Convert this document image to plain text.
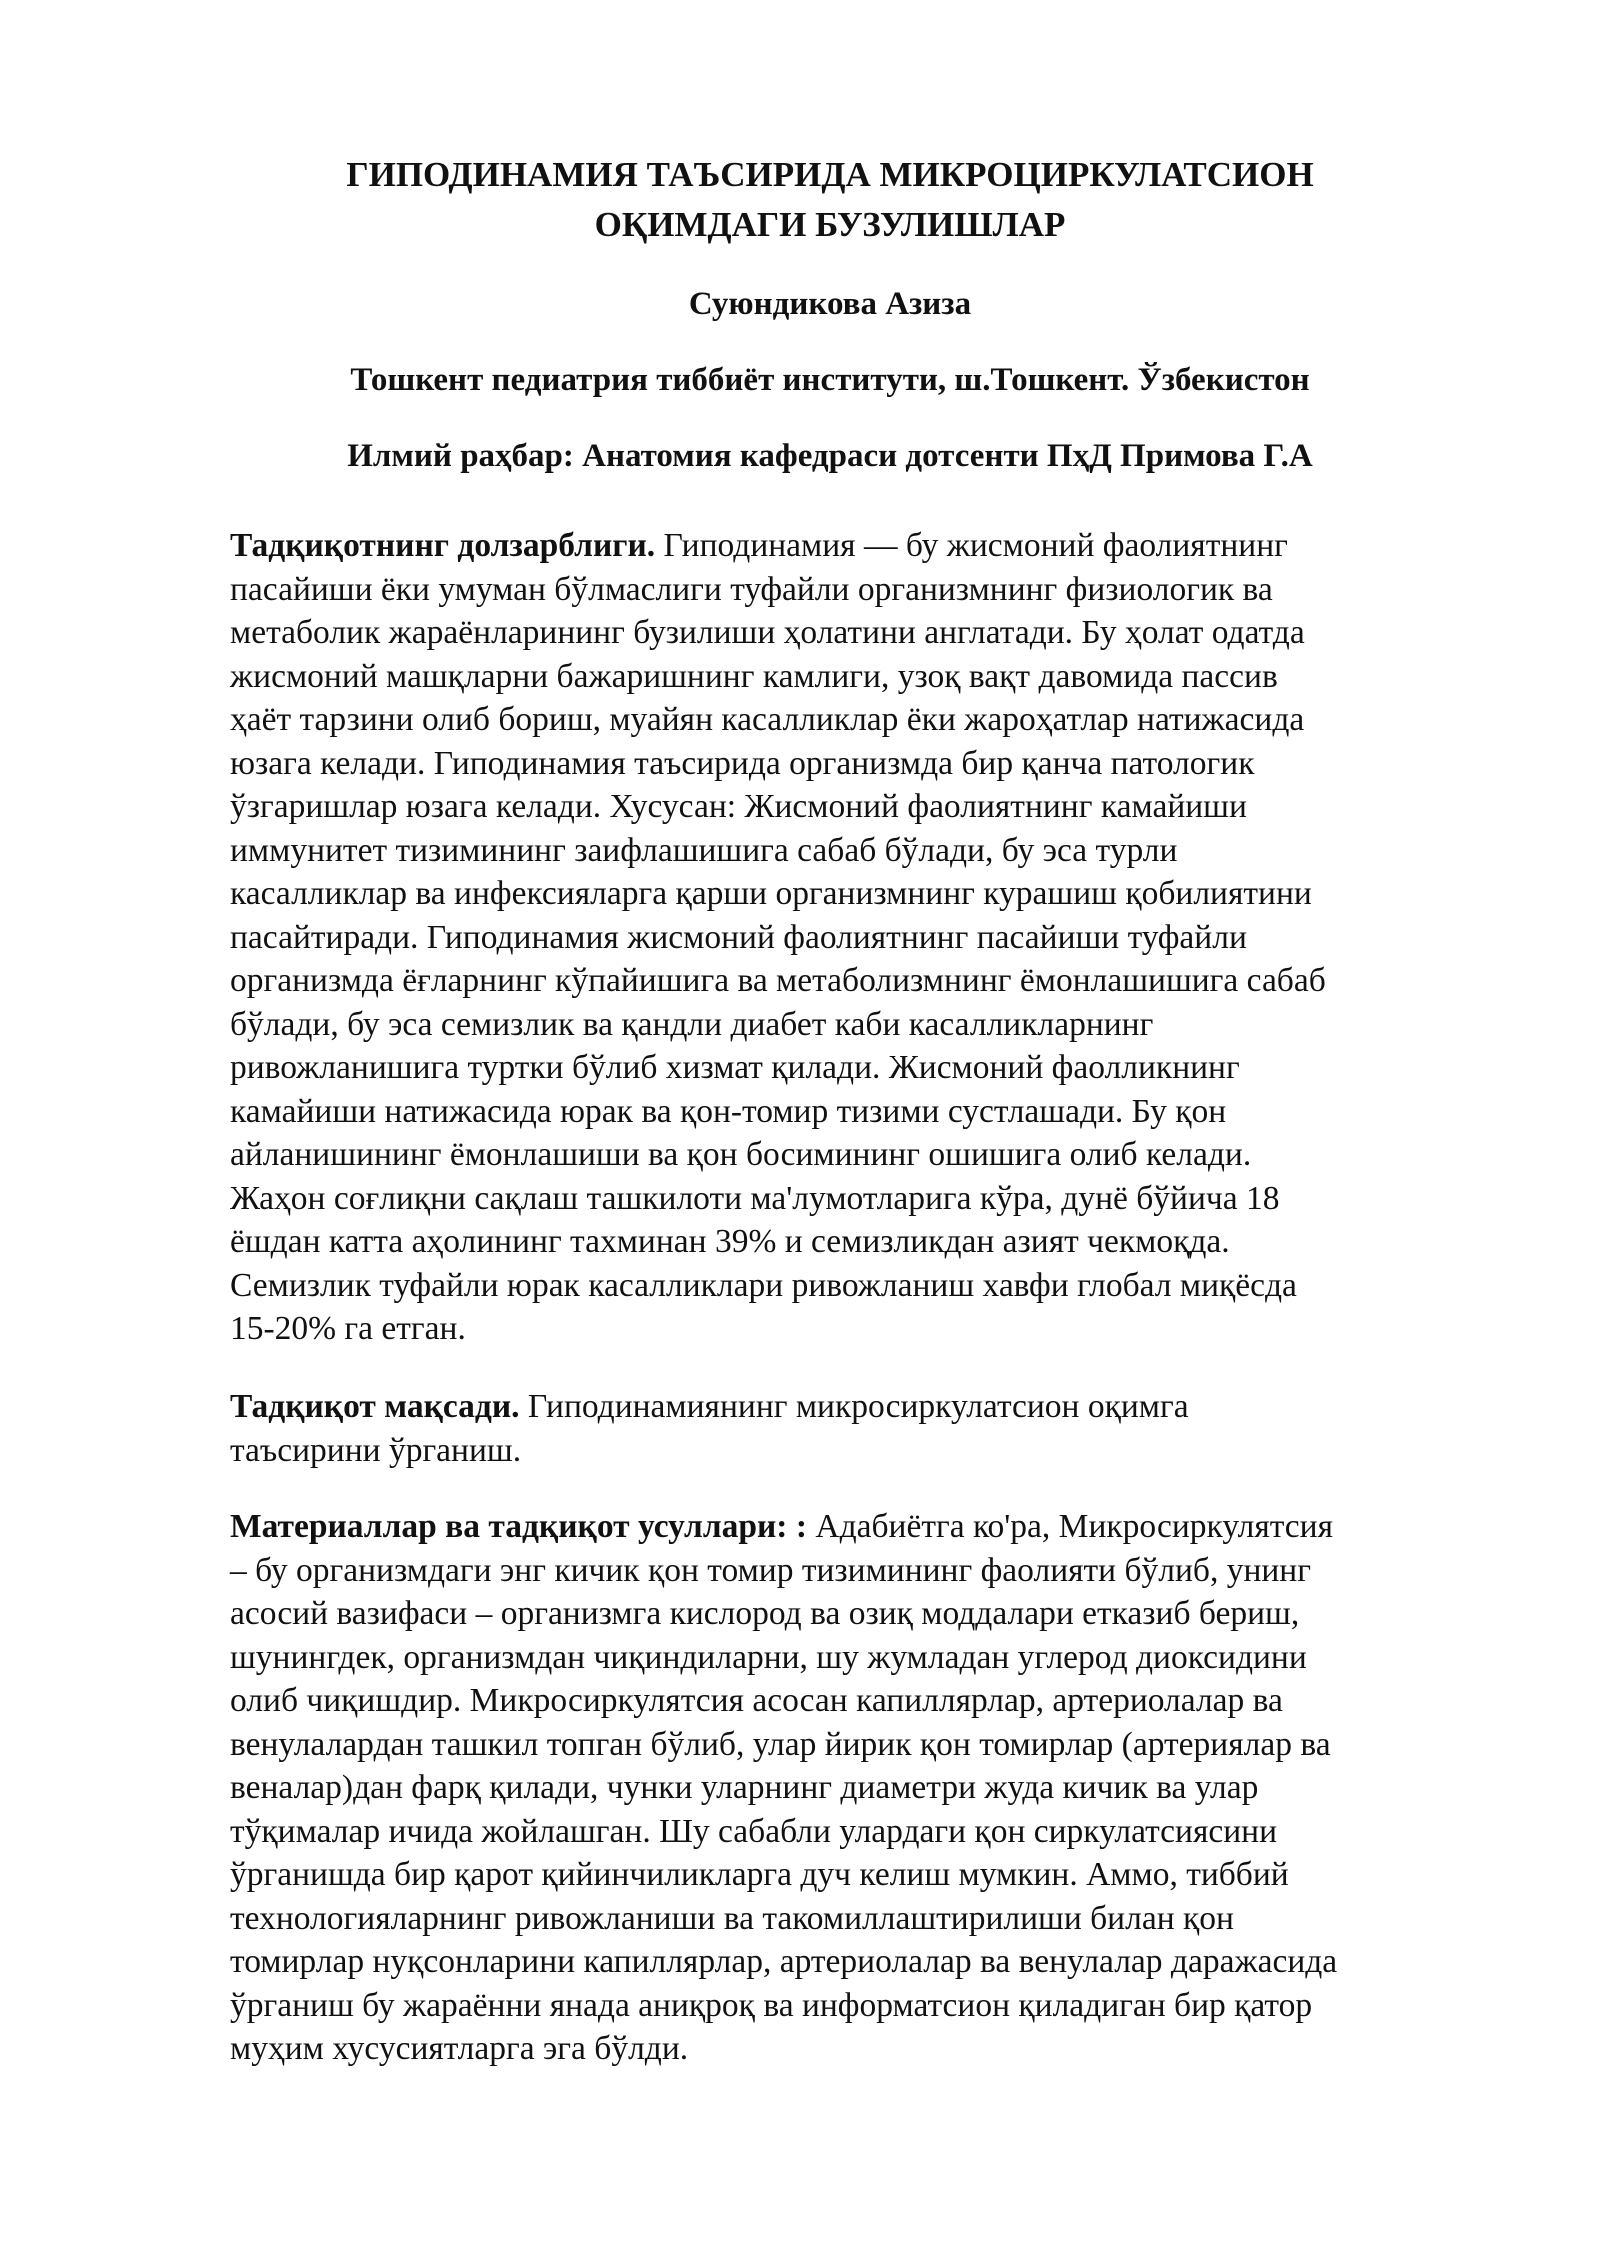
ГИПОДИНАМИЯ ТАЪСИРИДА МИКРОЦИРКУЛАТСИОН
ОҚИМДАГИ БУЗУЛИШЛАР

Суюндикова Азиза

Тошкент педиатрия тиббиёт институти, ш.Тошкент. Ўзбекистон

Илмий раҳбар: Анатомия кафедраси дотсенти ПҳД Примова Г.А

Тадқиқотнинг долзарблиги. Гиподинамия — бу жисмоний фаолиятнинг
пасайиши ёки умуман бўлмаслиги туфайли организмнинг физиологик ва
метаболик жараёнларининг бузилиши ҳолатини англатади. Бу ҳолат одатда
жисмоний машқларни бажаришнинг камлиги, узоқ вақт давомида пассив
ҳаёт тарзини олиб бориш, муайян касалликлар ёки жароҳатлар натижасида
юзага келади. Гиподинамия таъсирида организмда бир қанча патологик
ўзгаришлар юзага келади. Хусусан: Жисмоний фаолиятнинг камайиши
иммунитет тизимининг заифлашишига сабаб бўлади, бу эса турли
касалликлар ва инфексияларга қарши организмнинг курашиш қобилиятини
пасайтиради. Гиподинамия жисмоний фаолиятнинг пасайиши туфайли
организмда ёғларнинг кўпайишига ва метаболизмнинг ёмонлашишига сабаб
бўлади, бу эса семизлик ва қандли диабет каби касалликларнинг
ривожланишига туртки бўлиб хизмат қилади. Жисмоний фаолликнинг
камайиши натижасида юрак ва қон-томир тизими сустлашади. Бу қон
айланишининг ёмонлашиши ва қон босимининг ошишига олиб келади.
Жаҳон соғлиқни сақлаш ташкилоти ма'лумотларига кўра, дунё бўйича 18
ёшдан катта аҳолининг тахминан 39% и семизликдан азият чекмоқда.
Семизлик туфайли юрак касалликлари ривожланиш хавфи глобал миқёсда
15-20% га етган.
Тадқиқот мақсади. Гиподинамиянинг микросиркулатсион оқимга
таъсирини ўрганиш.
Материаллар ва тадқиқот усуллари: : Адабиётга ко'ра, Микросиркулятсия
– бу организмдаги энг кичик қон томир тизимининг фаолияти бўлиб, унинг
асосий вазифаси – организмга кислород ва озиқ моддалари етказиб бериш,
шунингдек, организмдан чиқиндиларни, шу жумладан углерод диоксидини
олиб чиқишдир. Микросиркулятсия асосан капиллярлар, артериолалар ва
венулалардан ташкил топган бўлиб, улар йирик қон томирлар (артериялар ва
веналар)дан фарқ қилади, чунки уларнинг диаметри жуда кичик ва улар
тўқималар ичида жойлашган. Шу сабабли улардаги қон сиркулатсиясини
ўрганишда бир қарот қийинчиликларга дуч келиш мумкин. Аммо, тиббий
технологияларнинг ривожланиши ва такомиллаштирилиши билан қон
томирлар нуқсонларини капиллярлар, артериолалар ва венулалар даражасида
ўрганиш бу жараённи янада аниқроқ ва информатсион қиладиган бир қатор
муҳим хусусиятларга эга бўлди.
